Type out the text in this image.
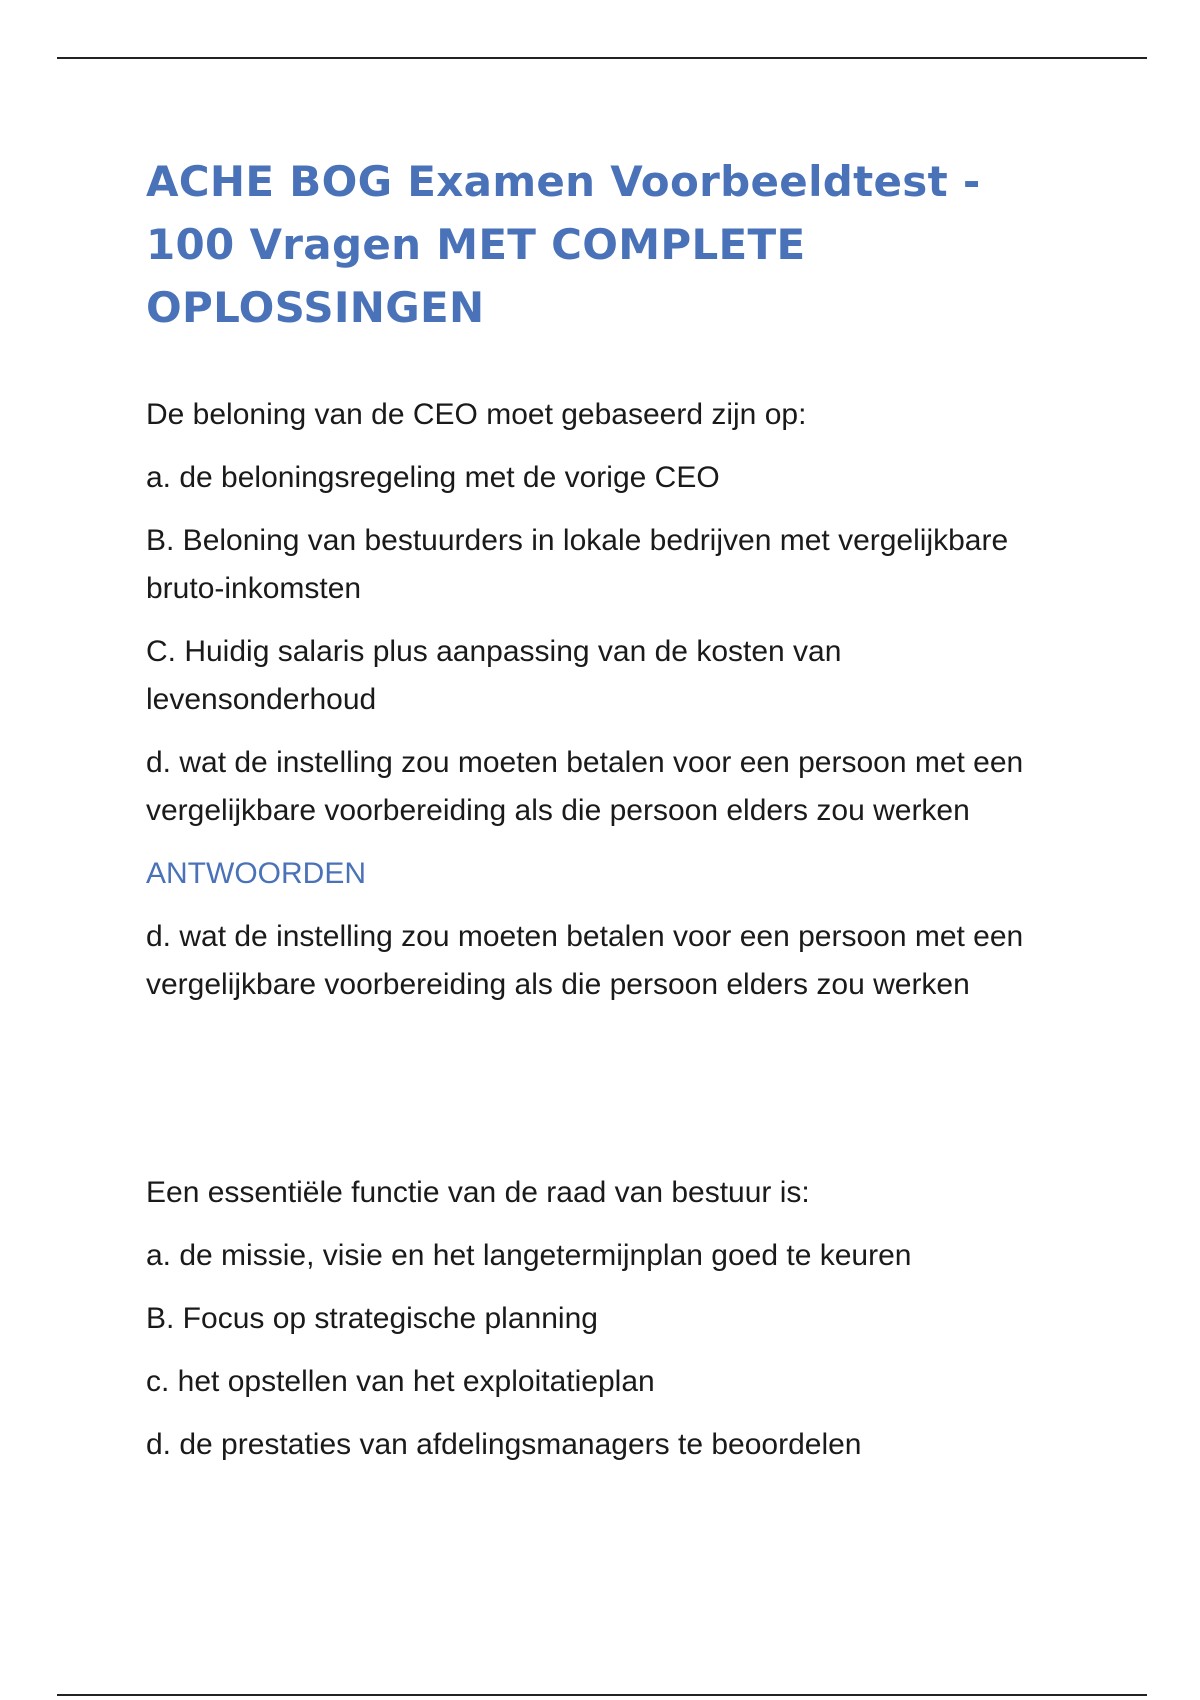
ACHE BOG Examen Voorbeeldtest - 100 Vragen MET COMPLETE OPLOSSINGEN

De beloning van de CEO moet gebaseerd zijn op:

a. de beloningsregeling met de vorige CEO

B. Beloning van bestuurders in lokale bedrijven met vergelijkbare bruto-inkomsten

C. Huidig salaris plus aanpassing van de kosten van levensonderhoud

d. wat de instelling zou moeten betalen voor een persoon met een vergelijkbare voorbereiding als die persoon elders zou werken

ANTWOORDEN

d. wat de instelling zou moeten betalen voor een persoon met een vergelijkbare voorbereiding als die persoon elders zou werken

Een essentiële functie van de raad van bestuur is:

a. de missie, visie en het langetermijnplan goed te keuren

B. Focus op strategische planning

c. het opstellen van het exploitatieplan

d. de prestaties van afdelingsmanagers te beoordelen
